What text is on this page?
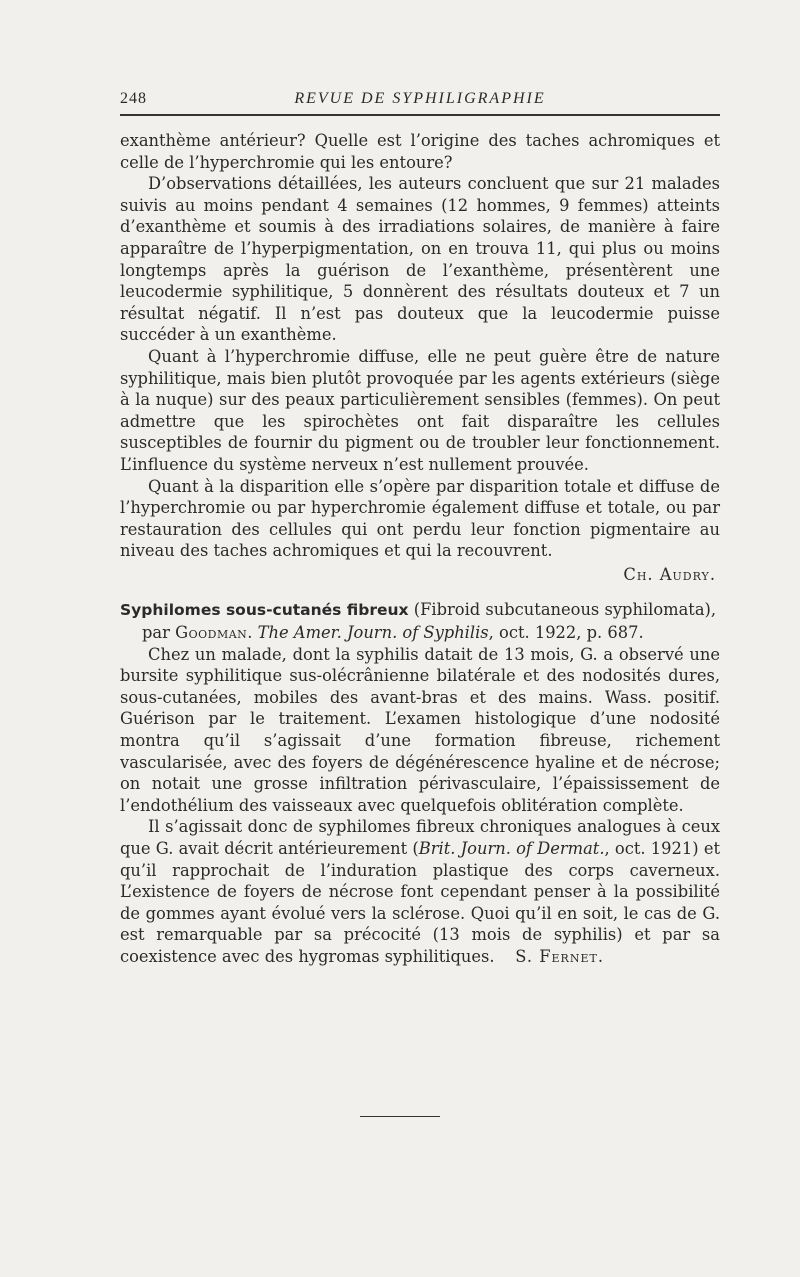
248	REVUE DE SYPHILIGRAPHIE

exanthème antérieur? Quelle est l’origine des taches achromiques et celle de l’hyperchromie qui les entoure?

D’observations détaillées, les auteurs concluent que sur 21 malades suivis au moins pendant 4 semaines (12 hommes, 9 femmes) atteints d’exanthème et soumis à des irradiations solaires, de manière à faire apparaître de l’hyperpigmentation, on en trouva 11, qui plus ou moins longtemps après la guérison de l’exanthème, présentèrent une leucodermie syphilitique, 5 donnèrent des résultats douteux et 7 un résultat négatif. Il n’est pas douteux que la leucodermie puisse succéder à un exanthème.

Quant à l’hyperchromie diffuse, elle ne peut guère être de nature syphilitique, mais bien plutôt provoquée par les agents extérieurs (siège à la nuque) sur des peaux particulièrement sensibles (femmes). On peut admettre que les spirochètes ont fait disparaître les cellules susceptibles de fournir du pigment ou de troubler leur fonctionnement. L’influence du système nerveux n’est nullement prouvée.

Quant à la disparition elle s’opère par disparition totale et diffuse de l’hyperchromie ou par hyperchromie également diffuse et totale, ou par restauration des cellules qui ont perdu leur fonction pigmentaire au niveau des taches achromiques et qui la recouvrent.

Ch. Audry.

Syphilomes sous-cutanés fibreux (Fibroid subcutaneous syphilomata),

par Goodman. The Amer. Journ. of Syphilis, oct. 1922, p. 687.

Chez un malade, dont la syphilis datait de 13 mois, G. a observé une bursite syphilitique sus-olécrânienne bilatérale et des nodosités dures, sous-cutanées, mobiles des avant-bras et des mains. Wass. positif. Guérison par le traitement. L’examen histologique d’une nodosité montra qu’il s’agissait d’une formation fibreuse, richement vascularisée, avec des foyers de dégénérescence hyaline et de nécrose; on notait une grosse infiltration périvasculaire, l’épaississement de l’endothélium des vaisseaux avec quelquefois oblitération complète.

Il s’agissait donc de syphilomes fibreux chroniques analogues à ceux que G. avait décrit antérieurement (Brit. Journ. of Dermat., oct. 1921) et qu’il rapprochait de l’induration plastique des corps caverneux. L’existence de foyers de nécrose font cependant penser à la possibilité de gommes ayant évolué vers la sclérose. Quoi qu’il en soit, le cas de G. est remarquable par sa précocité (13 mois de syphilis) et par sa coexistence avec des hygromas syphilitiques. S. Fernet.
